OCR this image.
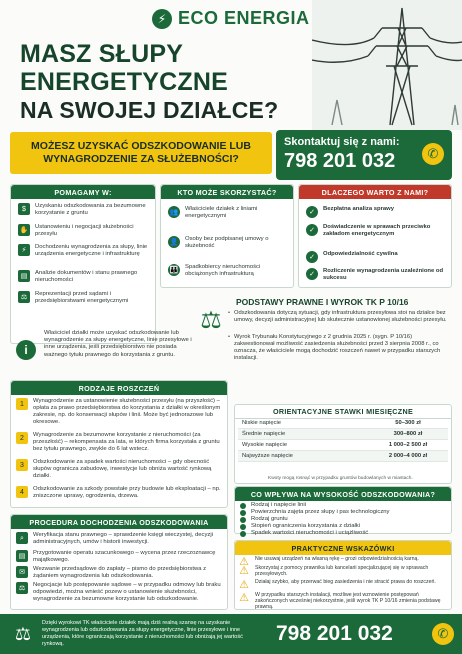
⚡ ECO ENERGIA
MASZ SŁUPY
ENERGETYCZNE
NA SWOJEJ DZIAŁCE?
MOŻESZ UZYSKAĆ ODSZKODOWANIE LUB WYNAGRODZENIE ZA SŁUŻEBNOŚCI?
Skontaktuj się z nami:
798 201 032	✆
POMAGAMY W:
$	Uzyskaniu odszkodowania za bezumowne korzystanie z gruntu
✋ Ustanowieniu i negocjacji służebności przesyłu
⚡	Dochodzeniu wynagrodzenia za słupy, linie urządzenia energetyczne i infrastrukturę
▤	Analizie dokumentów i stanu prawnego nieruchomości
⚖	Reprezentacji przed sądami i przedsiębiorstwami energetycznymi
KTO MOŻE SKORZYSTAĆ?
👥 Właściciele działek z liniami energetycznymi
👤 Osoby bez podpisanej umowy o służebność
👪 Spadkobiercy nieruchomości obciążonych infrastrukturą
DLACZEGO WARTO Z NAMI?
✓	Bezpłatna analiza sprawy
✓	Doświadczenie w sprawach przeciwko zakładom energetycznym
✓	Odpowiedzialność cywilna
✓	Rozliczenie wynagrodzenia uzależnione od sukcesu
⚖
PODSTAWY PRAWNE I WYROK TK P 10/16
• Odszkodowania dotyczą sytuacji, gdy infrastruktura przesyłowa stoi na działce bez umowy, decyzji administracyjnej lub skutecznie ustanowionej służebności przesyłu.
• Wyrok Trybunału Konstytucyjnego z 2 grudnia 2025 r. (sygn. P 10/16) zakwestionował możliwość zasiedzenia służebności przed 3 sierpnia 2008 r., co oznacza, że właściciele mogą dochodzić roszczeń nawet w przypadku starszych instalacji.
i
Właściciel działki może uzyskać odszkodowanie lub wynagrodzenie za słupy energetyczne, linie przesyłowe i inne urządzenia, jeśli przedsiębiorstwo nie posiada ważnego tytułu prawnego do korzystania z gruntu.
RODZAJE ROSZCZEŃ
1	Wynagrodzenie za ustanowienie służebności przesyłu (na przyszłość) – opłata za prawo przedsiębiorstwa do korzystania z działki w określonym zakresie, np. do konserwacji słupów i linii. Może być jednorazowe lub okresowe.
2	Wynagrodzenie za bezumowne korzystanie z nieruchomości (za przeszłość) – rekompensata za lata, w których firma korzystała z gruntu bez tytułu prawnego, zwykle do 6 lat wstecz.
3	Odszkodowanie za spadek wartości nieruchomości – gdy obecność słupów ogranicza zabudowę, inwestycje lub obniża wartość rynkową działki.
4	Odszkodowanie za szkody powstałe przy budowie lub eksploatacji – np. zniszczone uprawy, ogrodzenia, drzewa.
ORIENTACYJNE STAWKI MIESIĘCZNE
Niskie napięcie	50–300 zł
Średnie napięcie	300–800 zł
Wysokie napięcie	1 000–2 500 zł
Najwyższe napięcie	2 000–4 000 zł
Kwoty mogą rosnąć w przypadku gruntów budowlanych w miastach.
CO WPŁYWA NA WYSOKOŚĆ ODSZKODOWANIA?
Rodzaj i napięcie linii
Powierzchnia zajęta przez słupy i pas technologiczny
Rodzaj gruntu
Stopień ograniczenia korzystania z działki
Spadek wartości nieruchomości i uciążliwość
PROCEDURA DOCHODZENIA ODSZKODOWANIA
⌕	Weryfikacja stanu prawnego – sprawdzenie księgi wieczystej, decyzji administracyjnych, umów i historii inwestycji.
▤	Przygotowanie operatu szacunkowego – wycena przez rzeczoznawcę majątkowego.
✉	Wezwanie przedsądowe do zapłaty – pismo do przedsiębiorstwa z żądaniem wynagrodzenia lub odszkodowania.
⚖	Negocjacje lub postępowanie sądowe – w przypadku odmowy lub braku odpowiedzi, można wnieść pozew o ustanowienie służebności, wynagrodzenie za bezumowne korzystanie lub odszkodowanie.
PRAKTYCZNE WSKAZÓWKI
⚠ Nie usuwaj urządzeń na własną rękę – grozi odpowiedzialnością karną.
⚠ Skorzystaj z pomocy prawnika lub kancelarii specjalizującej się w sprawach przesyłowych.
⚠ Działaj szybko, aby przerwać bieg zasiedzenia i nie stracić prawa do roszczeń.
⚠ W przypadku starszych instalacji, możliwe jest wznowienie postępowań zakończonych wcześniej niekorzystnie, jeśli wyrok TK P 10/16 zmienia podstawę prawną.
⚖
Dzięki wyrokowi TK właściciele działek mają dziś realną szansę na uzyskanie wynagrodzenia lub odszkodowania za słupy energetyczne, linie przesyłowe i inne urządzenia, które ograniczają korzystanie z nieruchomości lub obniżają jej wartość rynkową.	798 201 032	✆
